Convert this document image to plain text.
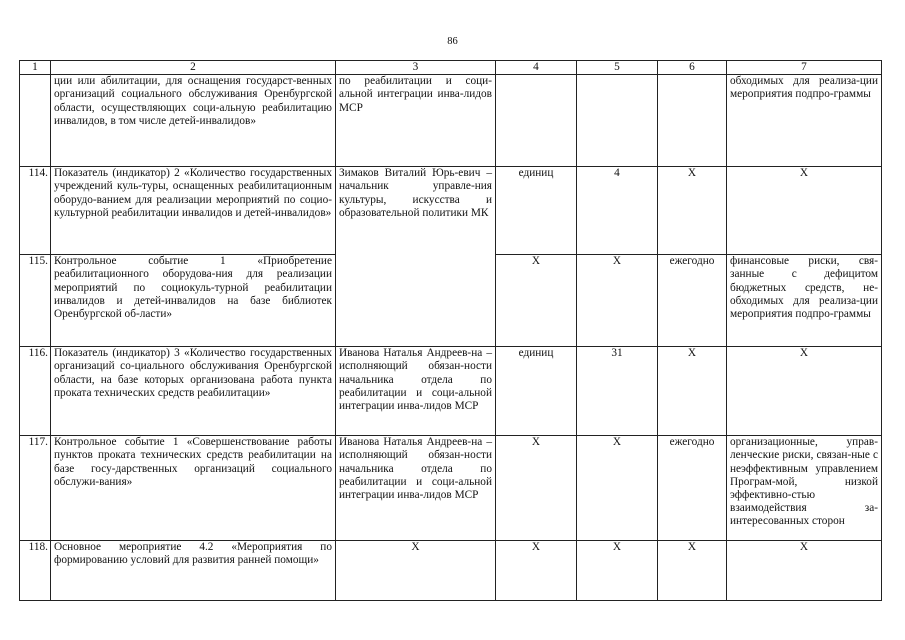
86
1	2	3	4	5	6	7
	ции или абилитации, для оснащения государст-венных организаций социального обслуживания Оренбургской области, осуществляющих соци-альную реабилитацию инвалидов, в том числе детей-инвалидов»	по реабилитации и соци-альной интеграции инва-лидов МСР				обходимых для реализа-ции мероприятия подпро-граммы
114.	Показатель (индикатор) 2 «Количество государственных учреждений куль-туры, оснащенных реабилитационным оборудо-ванием для реализации мероприятий по социо-культурной реабилитации инвалидов и детей-инвалидов»	Зимаков Виталий Юрь-евич – начальник управле-ния культуры, искусства и образовательной политики МК	единиц	4	X	X
115.	Контрольное событие 1 «Приобретение реабилитационного оборудова-ния для реализации мероприятий по социокуль-турной реабилитации инвалидов и детей-инвалидов на базе библиотек Оренбургской об-ласти»		X	X	ежегодно	финансовые риски, свя-занные с дефицитом бюджетных средств, не-обходимых для реализа-ции мероприятия подпро-граммы
116.	Показатель (индикатор) 3 «Количество государственных организаций со-циального обслуживания Оренбургской области, на базе которых организована работа пункта проката технических средств реабилитации»	Иванова Наталья Андреев-на – исполняющий обязан-ности начальника отдела по реабилитации и соци-альной интеграции инва-лидов МСР	единиц	31	X	X
117.	Контрольное событие 1 «Совершенствование работы пунктов проката технических средств реабилитации на базе госу-дарственных организаций социального обслужи-вания»	Иванова Наталья Андреев-на – исполняющий обязан-ности начальника отдела по реабилитации и соци-альной интеграции инва-лидов МСР	X	X	ежегодно	организационные, управ-ленческие риски, связан-ные с неэффективным управлением Програм-мой, низкой эффективно-стью взаимодействия за-интересованных сторон
118.	Основное мероприятие 4.2 «Мероприятия по формированию условий для развития ранней помощи»	X	X	X	X	X
